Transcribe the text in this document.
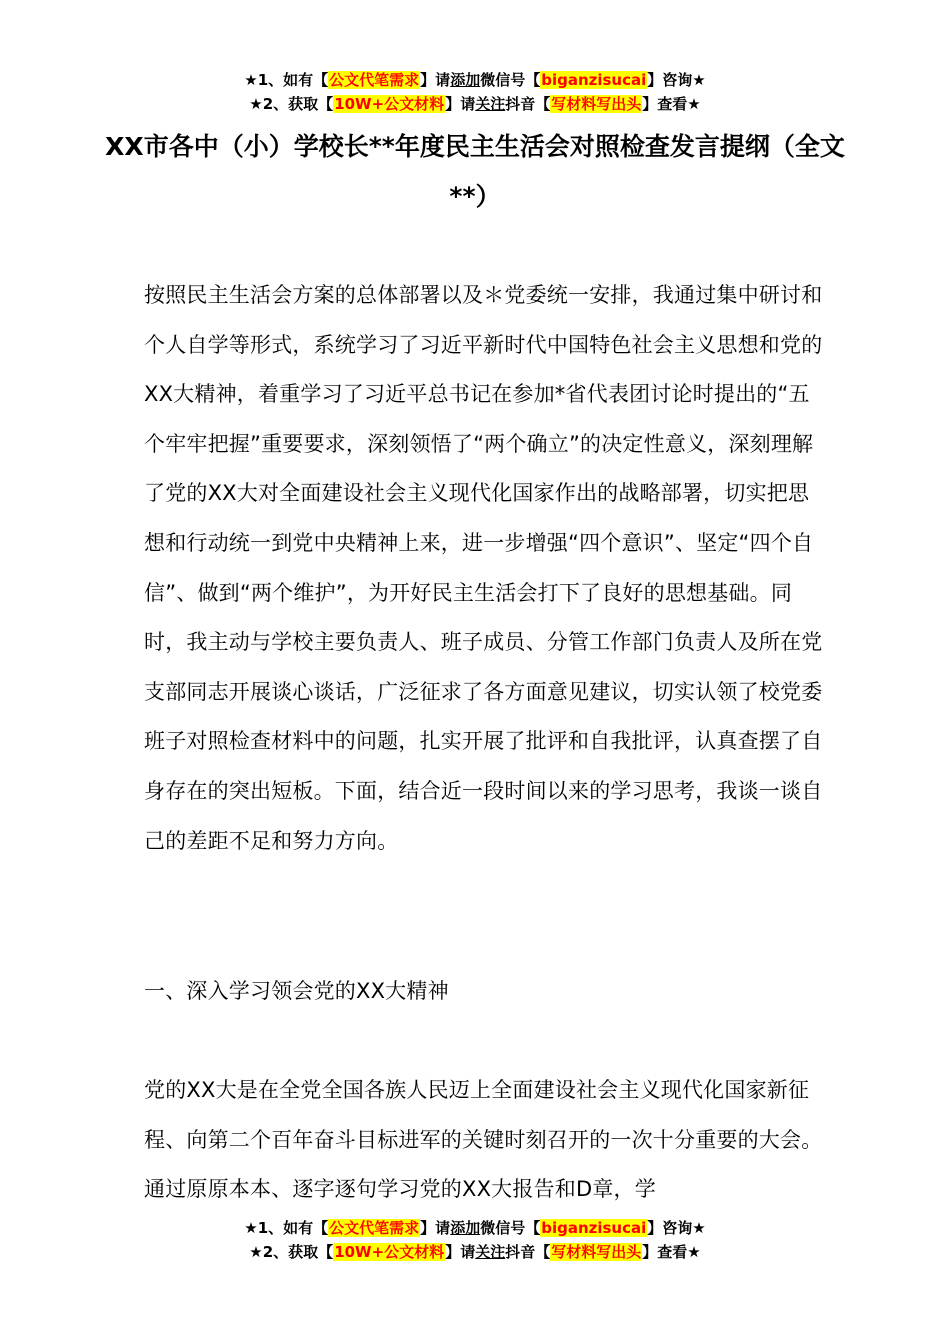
★1、如有【公文代笔需求】请添加微信号【biganzisucai】咨询★
★2、获取【10W+公文材料】请关注抖音【写材料写出头】查看★
XX市各中（小）学校长**年度民主生活会对照检查发言提纲（全文**）
按照民主生活会方案的总体部署以及＊党委统一安排，我通过集中研讨和个人自学等形式，系统学习了习近平新时代中国特色社会主义思想和党的XX大精神，着重学习了习近平总书记在参加*省代表团讨论时提出的“五个牢牢把握”重要要求，深刻领悟了“两个确立”的决定性意义，深刻理解了党的XX大对全面建设社会主义现代化国家作出的战略部署，切实把思想和行动统一到党中央精神上来，进一步增强“四个意识”、坚定“四个自信”、做到“两个维护”，为开好民主生活会打下了良好的思想基础。同时，我主动与学校主要负责人、班子成员、分管工作部门负责人及所在党支部同志开展谈心谈话，广泛征求了各方面意见建议，切实认领了校党委班子对照检查材料中的问题，扎实开展了批评和自我批评，认真查摆了自身存在的突出短板。下面，结合近一段时间以来的学习思考，我谈一谈自己的差距不足和努力方向。
一、深入学习领会党的XX大精神
党的XX大是在全党全国各族人民迈上全面建设社会主义现代化国家新征程、向第二个百年奋斗目标进军的关键时刻召开的一次十分重要的大会。通过原原本本、逐字逐句学习党的XX大报告和D章，学
★1、如有【公文代笔需求】请添加微信号【biganzisucai】咨询★
★2、获取【10W+公文材料】请关注抖音【写材料写出头】查看★
